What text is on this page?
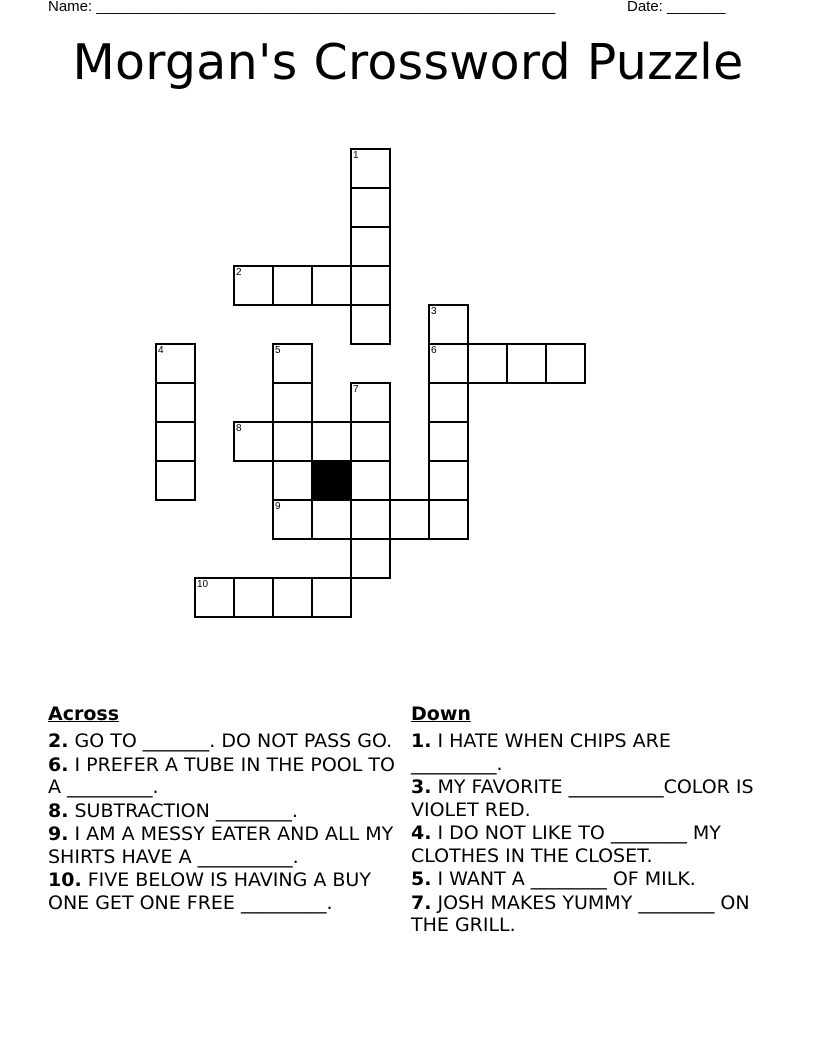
Name: _______________________________________________________	Date: _______
Morgan's Crossword Puzzle
1
2
3
4	5	6
7
8
9
10
Across
2. GO TO _______. DO NOT PASS GO.
6. I PREFER A TUBE IN THE POOL TO A _________.
8. SUBTRACTION ________.
9. I AM A MESSY EATER AND ALL MY SHIRTS HAVE A __________.
10. FIVE BELOW IS HAVING A BUY ONE GET ONE FREE _________.
Down
1. I HATE WHEN CHIPS ARE _________.
3. MY FAVORITE __________COLOR IS VIOLET RED.
4. I DO NOT LIKE TO ________ MY CLOTHES IN THE CLOSET.
5. I WANT A ________ OF MILK.
7. JOSH MAKES YUMMY ________ ON THE GRILL.
